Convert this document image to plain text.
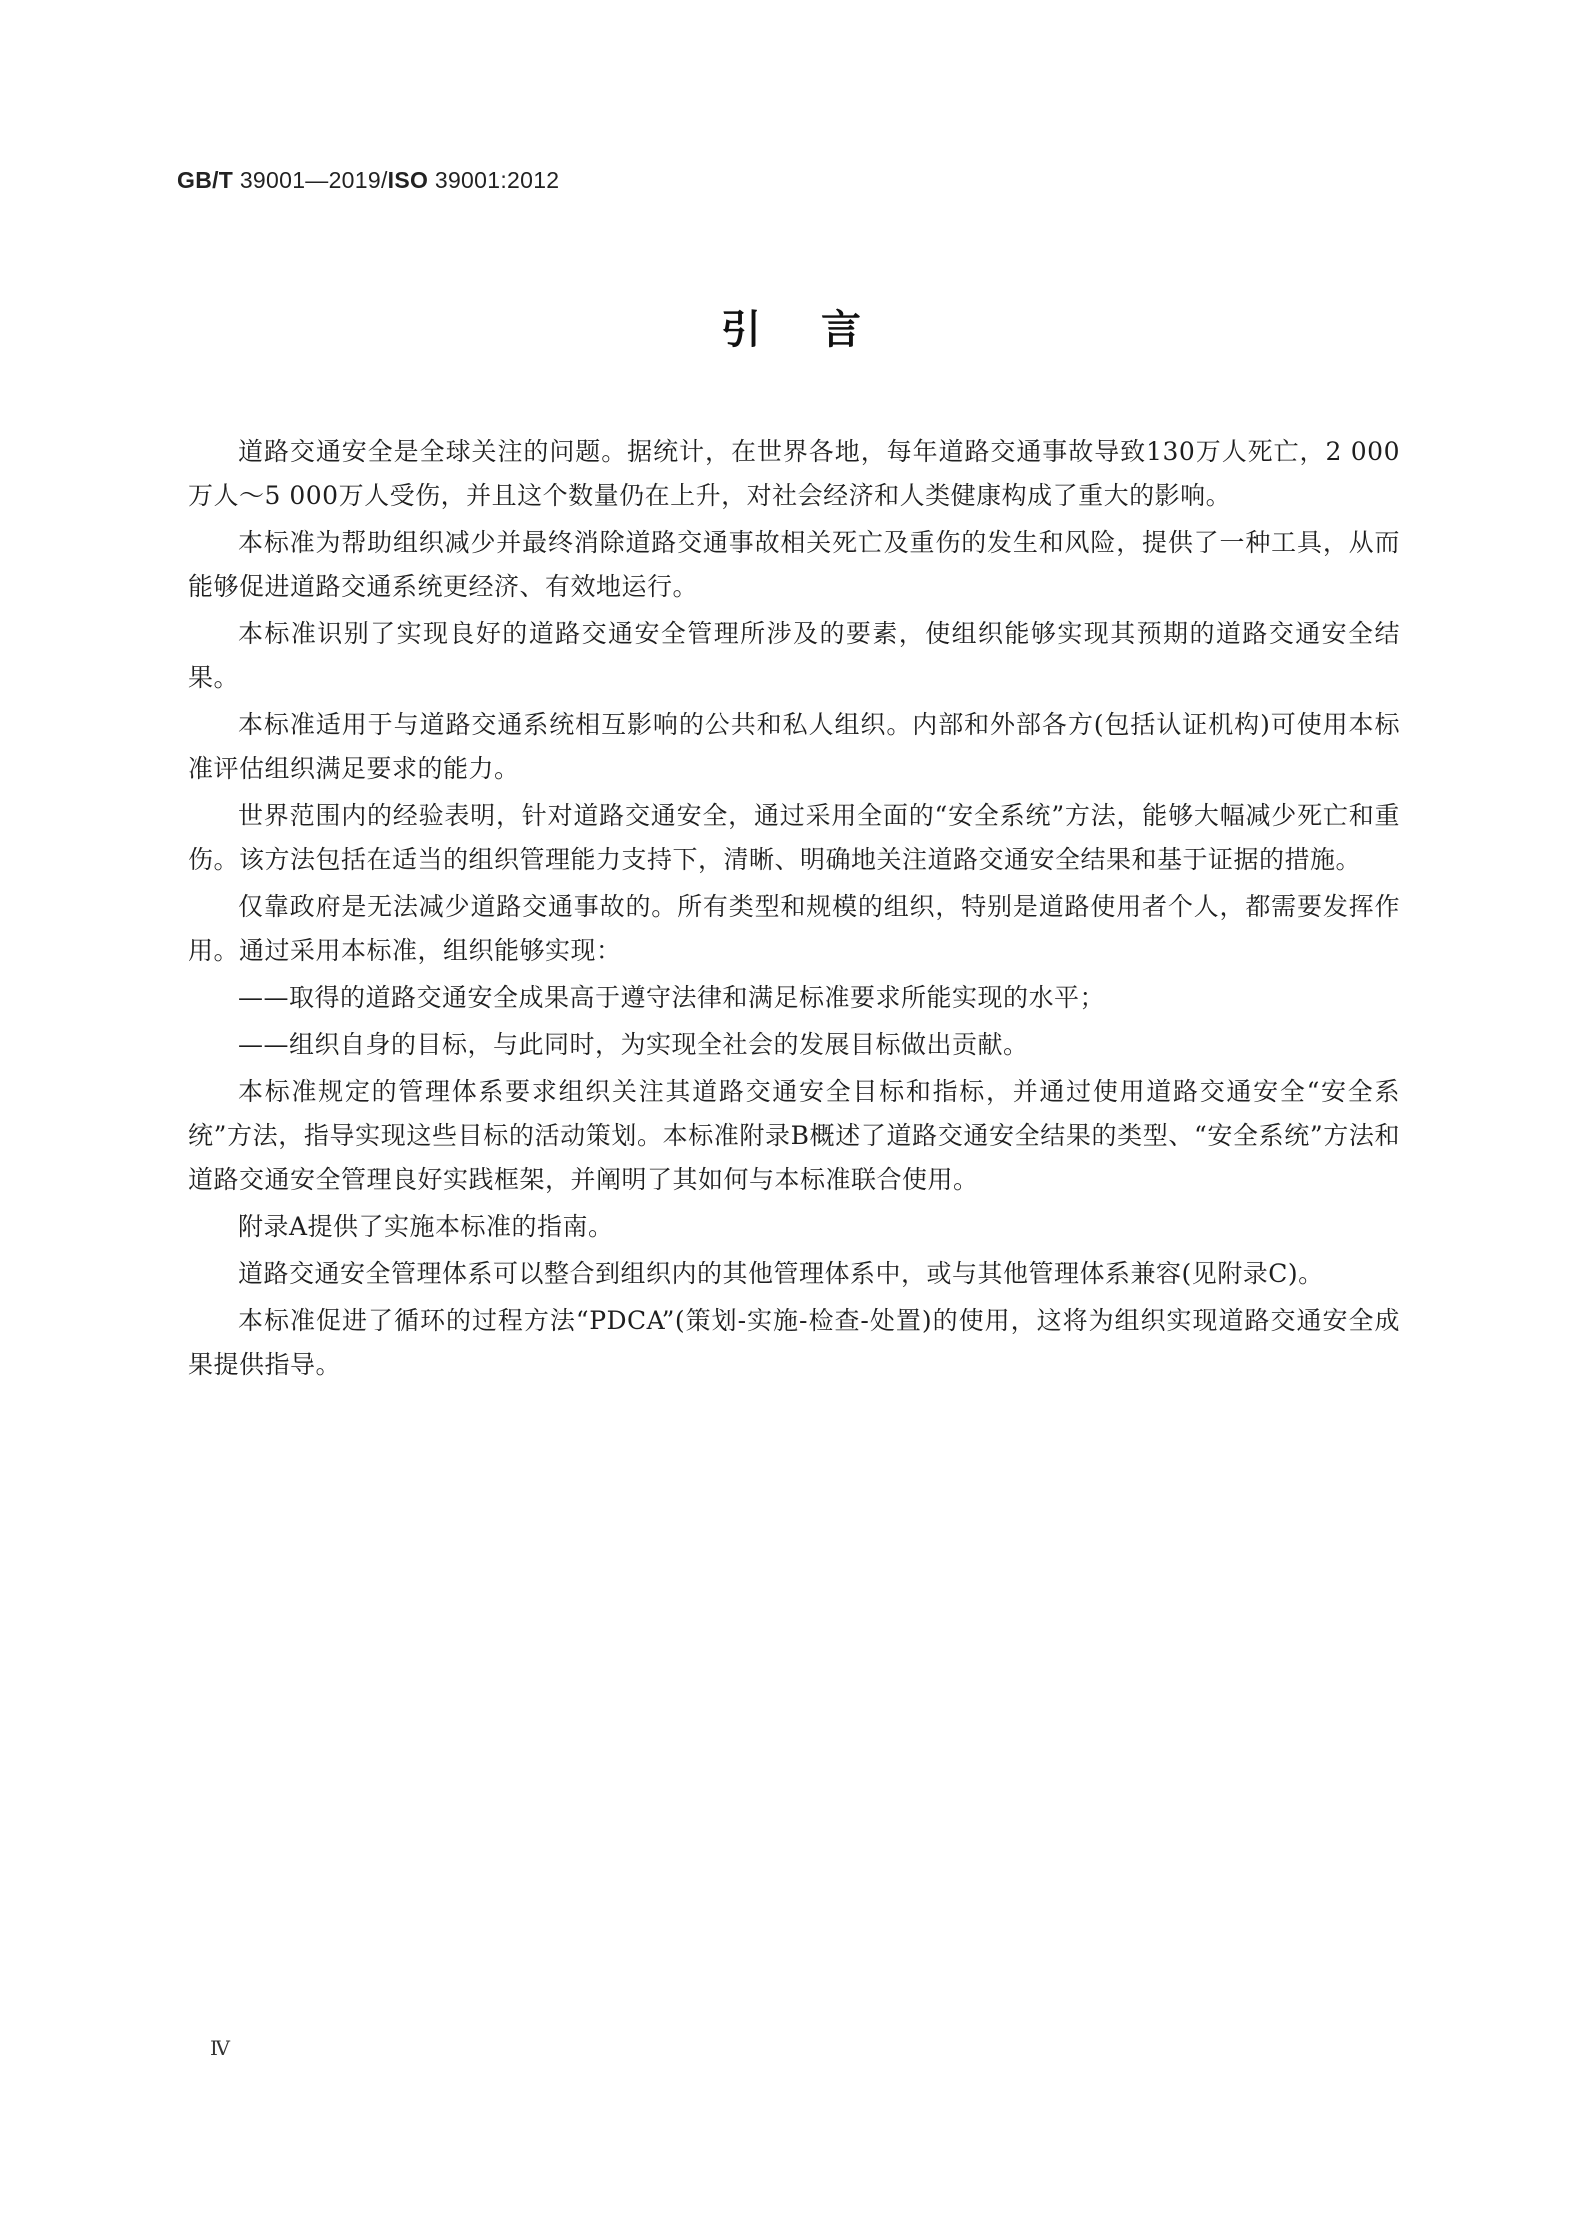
GB/T 39001—2019/ISO 39001:2012
引言

道路交通安全是全球关注的问题。据统计，在世界各地，每年道路交通事故导致130万人死亡，2 000万人～5 000万人受伤，并且这个数量仍在上升，对社会经济和人类健康构成了重大的影响。

本标准为帮助组织减少并最终消除道路交通事故相关死亡及重伤的发生和风险，提供了一种工具，从而能够促进道路交通系统更经济、有效地运行。

本标准识别了实现良好的道路交通安全管理所涉及的要素，使组织能够实现其预期的道路交通安全结果。

本标准适用于与道路交通系统相互影响的公共和私人组织。内部和外部各方(包括认证机构)可使用本标准评估组织满足要求的能力。

世界范围内的经验表明，针对道路交通安全，通过采用全面的“安全系统”方法，能够大幅减少死亡和重伤。该方法包括在适当的组织管理能力支持下，清晰、明确地关注道路交通安全结果和基于证据的措施。

仅靠政府是无法减少道路交通事故的。所有类型和规模的组织，特别是道路使用者个人，都需要发挥作用。通过采用本标准，组织能够实现：

——取得的道路交通安全成果高于遵守法律和满足标准要求所能实现的水平；

——组织自身的目标，与此同时，为实现全社会的发展目标做出贡献。

本标准规定的管理体系要求组织关注其道路交通安全目标和指标，并通过使用道路交通安全“安全系统”方法，指导实现这些目标的活动策划。本标准附录B概述了道路交通安全结果的类型、“安全系统”方法和道路交通安全管理良好实践框架，并阐明了其如何与本标准联合使用。

附录A提供了实施本标准的指南。

道路交通安全管理体系可以整合到组织内的其他管理体系中，或与其他管理体系兼容(见附录C)。

本标准促进了循环的过程方法“PDCA”(策划-实施-检查-处置)的使用，这将为组织实现道路交通安全成果提供指导。

Ⅳ
